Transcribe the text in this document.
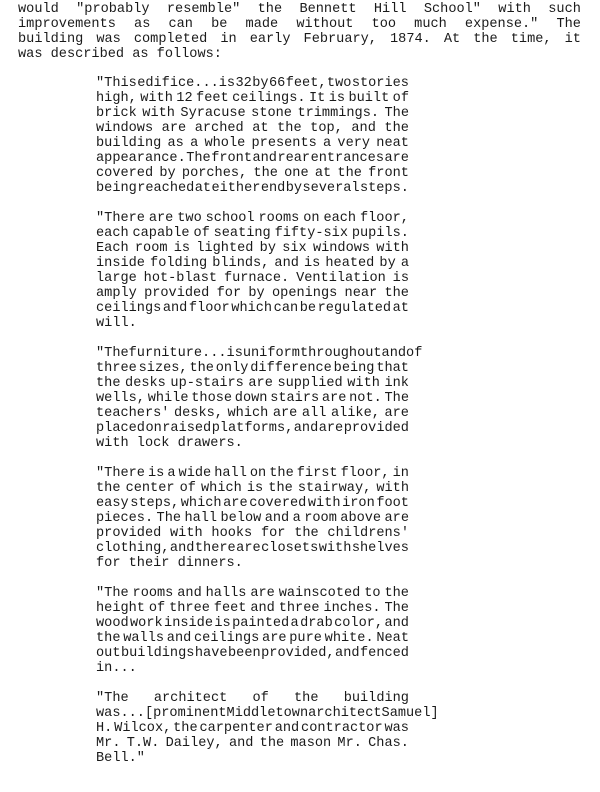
would "probably resemble" the Bennett Hill School" with such
improvements as can be made without too much expense." The
building was completed in early February, 1874. At the time, it
was described as follows:
"This edifice...is 32 by 66 feet, two stories
high, with 12 feet ceilings. It is built of
brick with Syracuse stone trimmings. The
windows are arched at the top, and the
building as a whole presents a very neat
appearance. The front and rear entrances are
covered by porches, the one at the front
being reached at either end by several steps.
"There are two school rooms on each floor,
each capable of seating fifty-six pupils.
Each room is lighted by six windows with
inside folding blinds, and is heated by a
large hot-blast furnace. Ventilation is
amply provided for by openings near the
ceilings and floor which can be regulated at
will.
"The furniture...is uniform throughout and of
three sizes, the only difference being that
the desks up-stairs are supplied with ink
wells, while those down stairs are not. The
teachers' desks, which are all alike, are
placed on raised platforms, and are provided
with lock drawers.
"There is a wide hall on the first floor, in
the center of which is the stairway, with
easy steps, which are covered with iron foot
pieces. The hall below and a room above are
provided with hooks for the childrens'
clothing, and there are closets with shelves
for their dinners.
"The rooms and halls are wainscoted to the
height of three feet and three inches. The
wood work inside is painted a drab color, and
the walls and ceilings are pure white. Neat
out buildings have been provided, and fenced
in...
"The architect of the building
was...[prominent Middletown architect Samuel]
H. Wilcox, the carpenter and contractor was
Mr. T.W. Dailey, and the mason Mr. Chas.
Bell."
